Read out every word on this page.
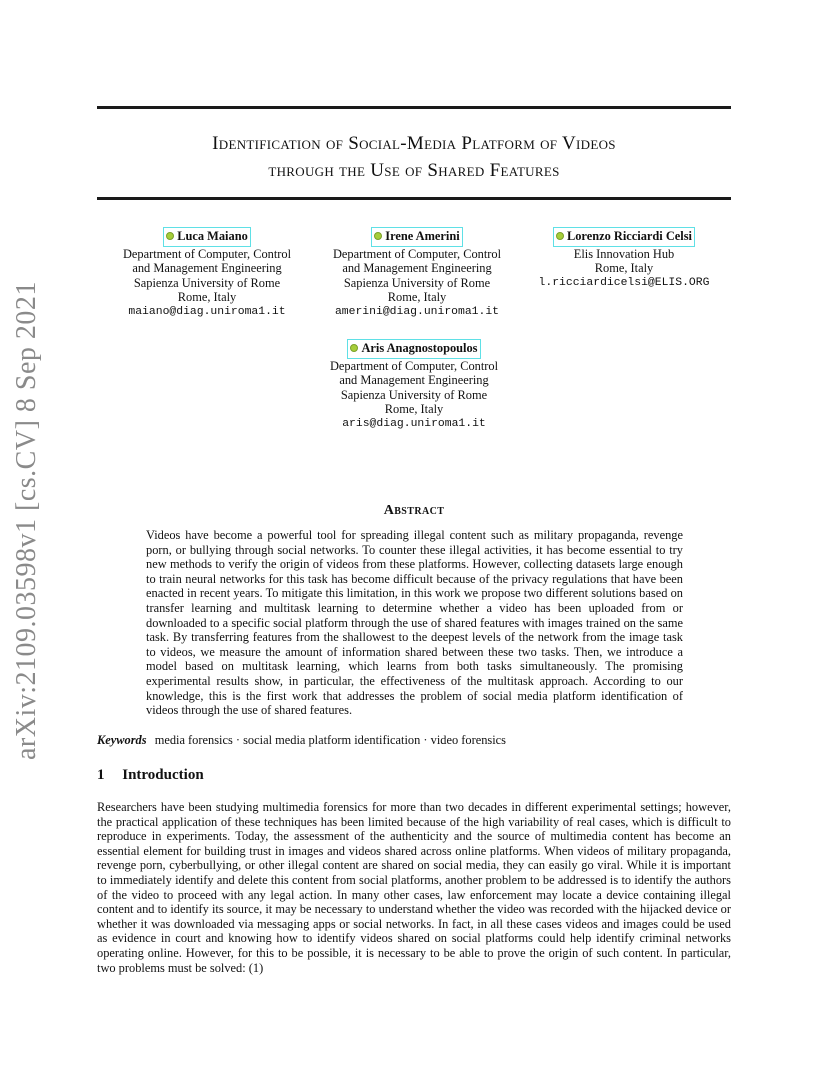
arXiv:2109.03598v1 [cs.CV] 8 Sep 2021
Identification of Social-Media Platform of Videos
through the Use of Shared Features
Luca Maiano
Department of Computer, Control
and Management Engineering
Sapienza University of Rome
Rome, Italy
maiano@diag.uniroma1.it
Irene Amerini
Department of Computer, Control
and Management Engineering
Sapienza University of Rome
Rome, Italy
amerini@diag.uniroma1.it
Lorenzo Ricciardi Celsi
Elis Innovation Hub
Rome, Italy
l.ricciardicelsi@ELIS.ORG
Aris Anagnostopoulos
Department of Computer, Control
and Management Engineering
Sapienza University of Rome
Rome, Italy
aris@diag.uniroma1.it
Abstract
Videos have become a powerful tool for spreading illegal content such as military propaganda, revenge porn, or bullying through social networks. To counter these illegal activities, it has become essential to try new methods to verify the origin of videos from these platforms. However, collecting datasets large enough to train neural networks for this task has become difficult because of the privacy regulations that have been enacted in recent years. To mitigate this limitation, in this work we propose two different solutions based on transfer learning and multitask learning to determine whether a video has been uploaded from or downloaded to a specific social platform through the use of shared features with images trained on the same task. By transferring features from the shallowest to the deepest levels of the network from the image task to videos, we measure the amount of information shared between these two tasks. Then, we introduce a model based on multitask learning, which learns from both tasks simultaneously. The promising experimental results show, in particular, the effectiveness of the multitask approach. According to our knowledge, this is the first work that addresses the problem of social media platform identification of videos through the use of shared features.
Keywords media forensics · social media platform identification · video forensics
1 Introduction
Researchers have been studying multimedia forensics for more than two decades in different experimental settings; however, the practical application of these techniques has been limited because of the high variability of real cases, which is difficult to reproduce in experiments. Today, the assessment of the authenticity and the source of multimedia content has become an essential element for building trust in images and videos shared across online platforms. When videos of military propaganda, revenge porn, cyberbullying, or other illegal content are shared on social media, they can easily go viral. While it is important to immediately identify and delete this content from social platforms, another problem to be addressed is to identify the authors of the video to proceed with any legal action. In many other cases, law enforcement may locate a device containing illegal content and to identify its source, it may be necessary to understand whether the video was recorded with the hijacked device or whether it was downloaded via messaging apps or social networks. In fact, in all these cases videos and images could be used as evidence in court and knowing how to identify videos shared on social platforms could help identify criminal networks operating online. However, for this to be possible, it is necessary to be able to prove the origin of such content. In particular, two problems must be solved: (1)
